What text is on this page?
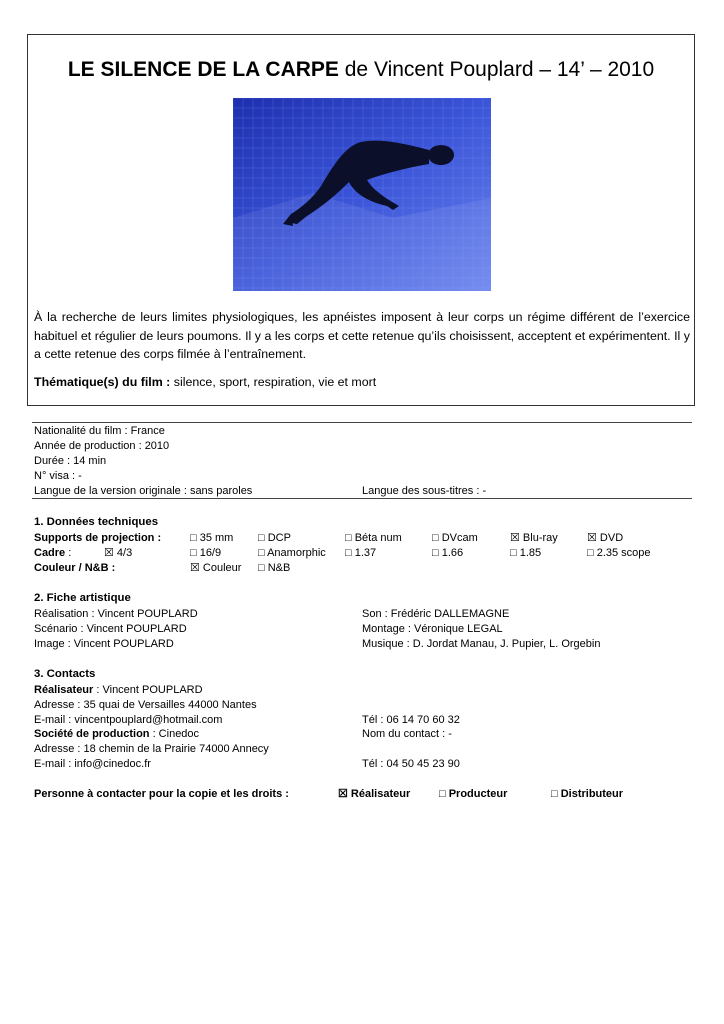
LE SILENCE DE LA CARPE de Vincent Pouplard – 14’ – 2010
À la recherche de leurs limites physiologiques, les apnéistes imposent à leur corps un régime différent de l’exercice habituel et régulier de leurs poumons. Il y a les corps et cette retenue qu’ils choisissent, acceptent et expérimentent. Il y a cette retenue des corps filmée à l’entraînement.
Thématique(s) du film : silence, sport, respiration, vie et mort
Nationalité du film : France
Année de production : 2010
Durée : 14 min
N° visa : -
Langue de la version originale : sans paroles	Langue des sous-titres : -
1. Données techniques
Supports de projection :	□ 35 mm □ DCP	□ Béta num	□ DVcam	☒ Blu-ray	☒ DVD
Cadre :	☒ 4/3	□ 16/9	□ Anamorphic □ 1.37	□ 1.66	□ 1.85	□ 2.35 scope
Couleur / N&B :	☒ Couleur □ N&B
2. Fiche artistique
Réalisation : Vincent POUPLARD
Scénario : Vincent POUPLARD
Image : Vincent POUPLARD
Son : Frédéric DALLEMAGNE
Montage : Véronique LEGAL
Musique : D. Jordat Manau, J. Pupier, L. Orgebin
3. Contacts
Réalisateur : Vincent POUPLARD
Adresse : 35 quai de Versailles 44000 Nantes
E-mail : vincentpouplard@hotmail.com	Tél : 06 14 70 60 32
Société de production : Cinedoc	Nom du contact : -
Adresse : 18 chemin de la Prairie 74000 Annecy
E-mail : info@cinedoc.fr	Tél : 04 50 45 23 90
Personne à contacter pour la copie et les droits :	☒ Réalisateur	□ Producteur	□ Distributeur
